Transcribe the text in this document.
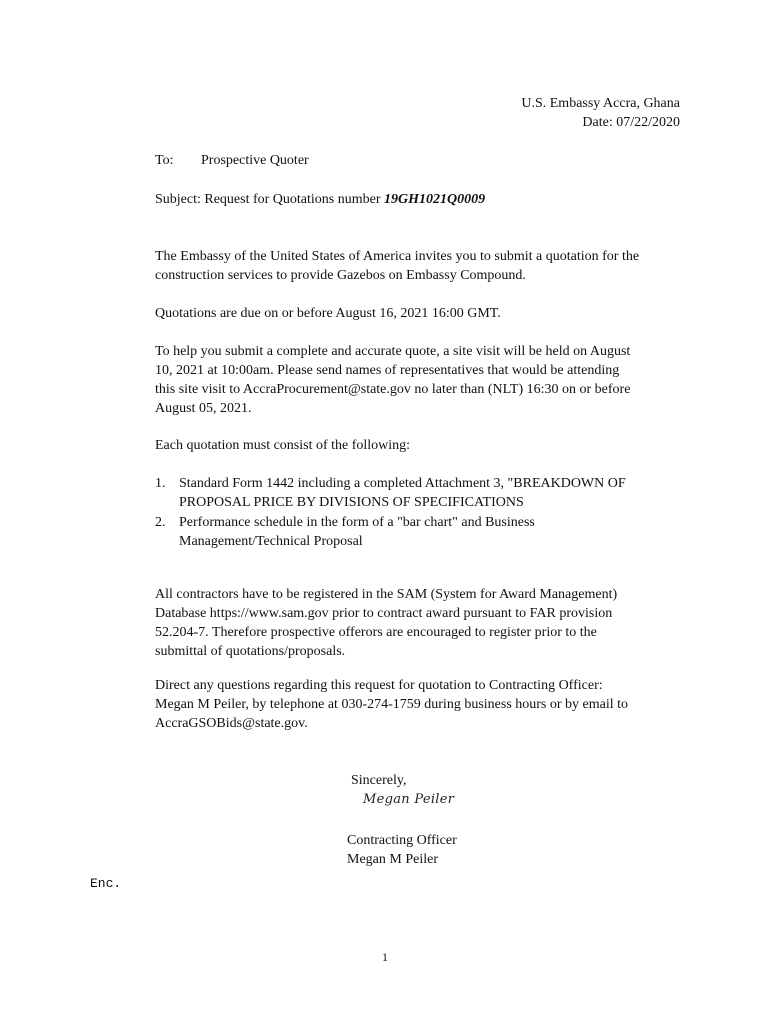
U.S. Embassy Accra, Ghana
Date: 07/22/2020
To: Prospective Quoter
Subject: Request for Quotations number 19GH1021Q0009
The Embassy of the United States of America invites you to submit a quotation for the
construction services to provide Gazebos on Embassy Compound.
Quotations are due on or before August 16, 2021 16:00 GMT.
To help you submit a complete and accurate quote, a site visit will be held on August
10, 2021 at 10:00am. Please send names of representatives that would be attending
this site visit to AccraProcurement@state.gov no later than (NLT) 16:30 on or before
August 05, 2021.
Each quotation must consist of the following:
1. Standard Form 1442 including a completed Attachment 3, "BREAKDOWN OF
PROPOSAL PRICE BY DIVISIONS OF SPECIFICATIONS
2. Performance schedule in the form of a "bar chart" and Business
Management/Technical Proposal
All contractors have to be registered in the SAM (System for Award Management)
Database https://www.sam.gov prior to contract award pursuant to FAR provision
52.204-7. Therefore prospective offerors are encouraged to register prior to the
submittal of quotations/proposals.
Direct any questions regarding this request for quotation to Contracting Officer:
Megan M Peiler, by telephone at 030-274-1759 during business hours or by email to
AccraGSOBids@state.gov.
Sincerely,
Megan Peiler
Contracting Officer
Megan M Peiler
Enc.
1
